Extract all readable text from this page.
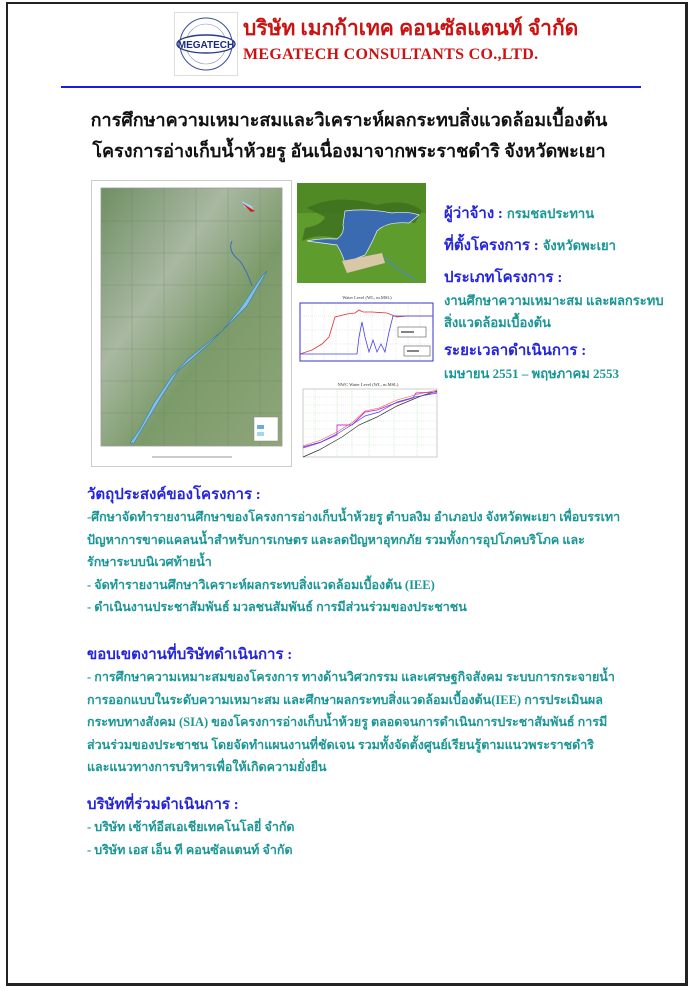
MEGATECH
บริษัท เมกก้าเทค คอนซัลแตนท์ จำกัด
MEGATECH CONSULTANTS CO.,LTD.
การศึกษาความเหมาะสมและวิเคราะห์ผลกระทบสิ่งแวดล้อมเบื้องต้น
โครงการอ่างเก็บน้ำห้วยรู อันเนื่องมาจากพระราชดำริ จังหวัดพะเยา
Water Level (WL, m.MSL)
NWC Water Level (WL, m.MSL)
ผู้ว่าจ้าง : กรมชลประทาน
ที่ตั้งโครงการ : จังหวัดพะเยา
ประเภทโครงการ :
งานศึกษาความเหมาะสม และผลกระทบ
สิ่งแวดล้อมเบื้องต้น
ระยะเวลาดำเนินการ :
เมษายน 2551 – พฤษภาคม 2553
วัตถุประสงค์ของโครงการ :
-ศึกษาจัดทำรายงานศึกษาของโครงการอ่างเก็บน้ำห้วยรู ตำบลงิม อำเภอปง จังหวัดพะเยา เพื่อบรรเทา
ปัญหาการขาดแคลนน้ำสำหรับการเกษตร และลดปัญหาอุทกภัย รวมทั้งการอุปโภคบริโภค และ
รักษาระบบนิเวศท้ายน้ำ
- จัดทำรายงานศึกษาวิเคราะห์ผลกระทบสิ่งแวดล้อมเบื้องต้น (IEE)
- ดำเนินงานประชาสัมพันธ์ มวลชนสัมพันธ์ การมีส่วนร่วมของประชาชน
ขอบเขตงานที่บริษัทดำเนินการ :
- การศึกษาความเหมาะสมของโครงการ ทางด้านวิศวกรรม และเศรษฐกิจสังคม ระบบการกระจายน้ำ
การออกแบบในระดับความเหมาะสม และศึกษาผลกระทบสิ่งแวดล้อมเบื้องต้น(IEE) การประเมินผล
กระทบทางสังคม (SIA) ของโครงการอ่างเก็บน้ำห้วยรู ตลอดจนการดำเนินการประชาสัมพันธ์ การมี
ส่วนร่วมของประชาชน โดยจัดทำแผนงานที่ชัดเจน รวมทั้งจัดตั้งศูนย์เรียนรู้ตามแนวพระราชดำริ
และแนวทางการบริหารเพื่อให้เกิดความยั่งยืน
บริษัทที่ร่วมดำเนินการ :
- บริษัท เซ้าท์อีสเอเชียเทคโนโลยี่ จำกัด
- บริษัท เอส เอ็น ที คอนซัลแตนท์ จำกัด
